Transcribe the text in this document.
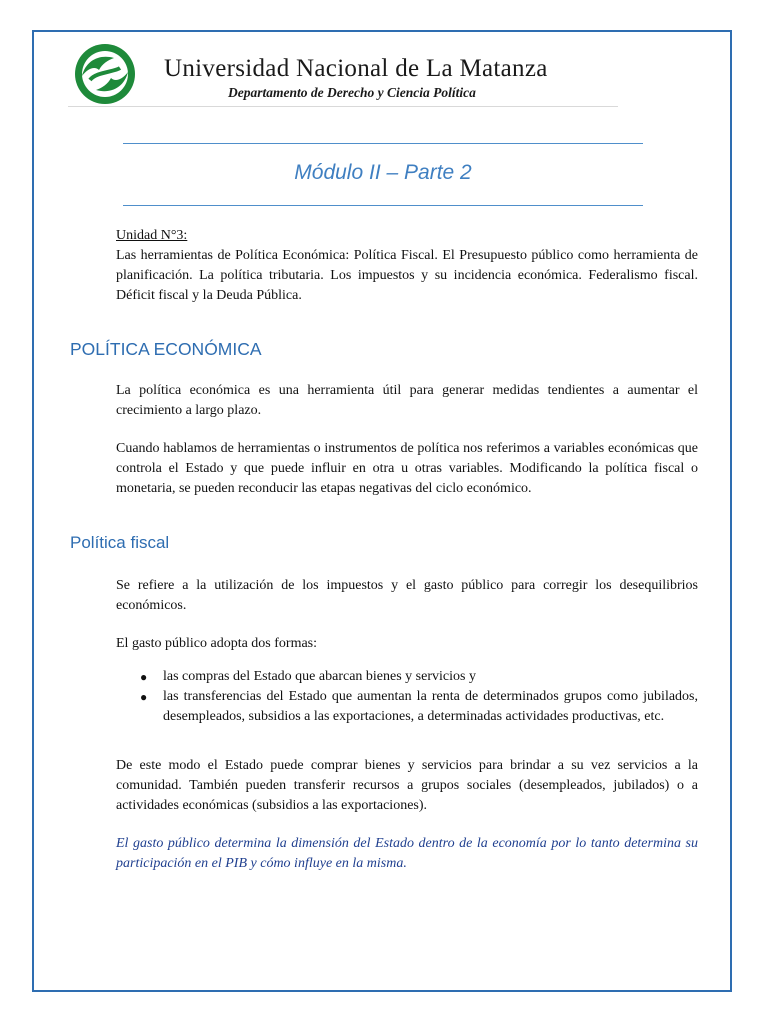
Universidad Nacional de La Matanza
Departamento de Derecho y Ciencia Política
Módulo II – Parte 2

Unidad N°3:

Las herramientas de Política Económica: Política Fiscal. El Presupuesto público como herramienta de planificación. La política tributaria. Los impuestos y su incidencia económica. Federalismo fiscal. Déficit fiscal y la Deuda Pública.

POLÍTICA ECONÓMICA

La política económica es una herramienta útil para generar medidas tendientes a aumentar el crecimiento a largo plazo.

Cuando hablamos de herramientas o instrumentos de política nos referimos a variables económicas que controla el Estado y que puede influir en otra u otras variables. Modificando la política fiscal o monetaria, se pueden reconducir las etapas negativas del ciclo económico.

Política fiscal

Se refiere a la utilización de los impuestos y el gasto público para corregir los desequilibrios económicos.

El gasto público adopta dos formas:

● las compras del Estado que abarcan bienes y servicios y
● las transferencias del Estado que aumentan la renta de determinados grupos como jubilados, desempleados, subsidios a las exportaciones, a determinadas actividades productivas, etc.

De este modo el Estado puede comprar bienes y servicios para brindar a su vez servicios a la comunidad. También pueden transferir recursos a grupos sociales (desempleados, jubilados) o a actividades económicas (subsidios a las exportaciones).

El gasto público determina la dimensión del Estado dentro de la economía por lo tanto determina su participación en el PIB y cómo influye en la misma.
